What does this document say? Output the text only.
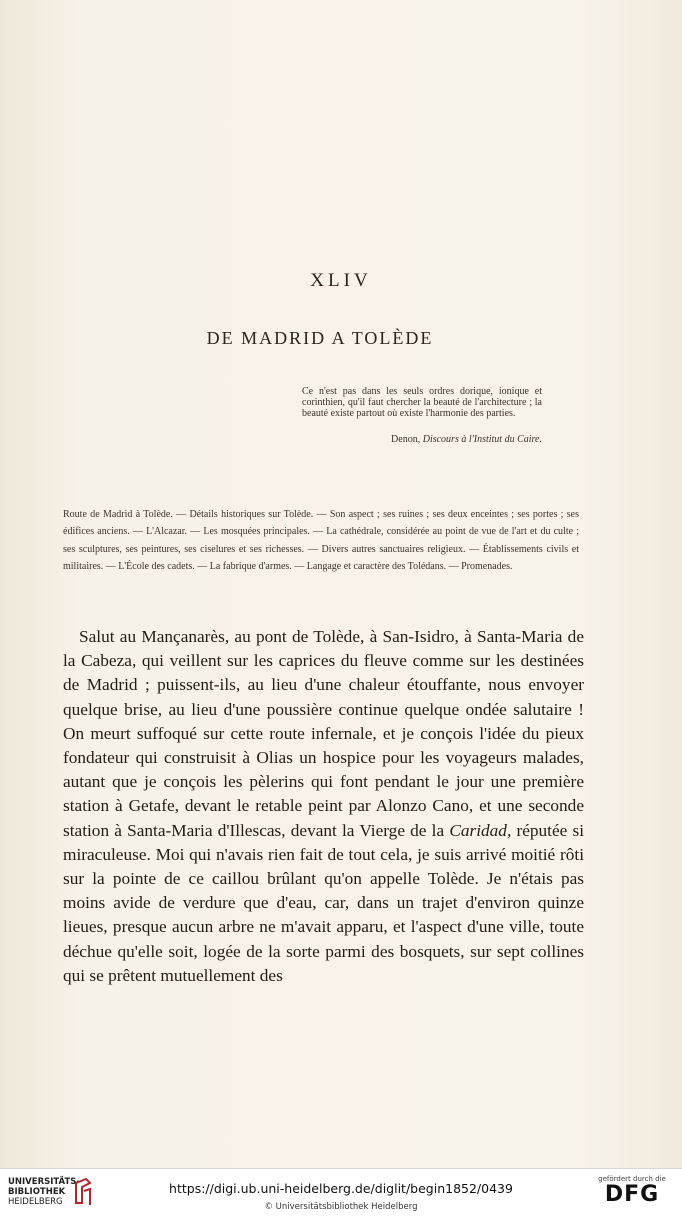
XLIV
DE MADRID A TOLÈDE
Ce n'est pas dans les seuls ordres dorique, ionique et corinthien, qu'il faut chercher la beauté de l'architecture ; la beauté existe partout où existe l'harmonie des parties.
Denon, Discours à l'Institut du Caire.
Route de Madrid à Tolède. — Détails historiques sur Tolède. — Son aspect ; ses ruines ; ses deux enceintes ; ses portes ; ses édifices anciens. — L'Alcazar. — Les mosquées principales. — La cathédrale, considérée au point de vue de l'art et du culte ; ses sculptures, ses peintures, ses ciselures et ses richesses. — Divers autres sanctuaires religieux. — Établissements civils et militaires. — L'École des cadets. — La fabrique d'armes. — Langage et caractère des Tolédans. — Promenades.
Salut au Mançanarès, au pont de Tolède, à San-Isidro, à Santa-Maria de la Cabeza, qui veillent sur les caprices du fleuve comme sur les destinées de Madrid ; puissent-ils, au lieu d'une chaleur étouffante, nous envoyer quelque brise, au lieu d'une poussière continue quelque ondée salutaire ! On meurt suffoqué sur cette route infernale, et je conçois l'idée du pieux fondateur qui construisit à Olias un hospice pour les voyageurs malades, autant que je conçois les pèlerins qui font pendant le jour une première station à Getafe, devant le retable peint par Alonzo Cano, et une seconde station à Santa-Maria d'Illescas, devant la Vierge de la Caridad, réputée si miraculeuse. Moi qui n'avais rien fait de tout cela, je suis arrivé moitié rôti sur la pointe de ce caillou brûlant qu'on appelle Tolède. Je n'étais pas moins avide de verdure que d'eau, car, dans un trajet d'environ quinze lieues, presque aucun arbre ne m'avait apparu, et l'aspect d'une ville, toute déchue qu'elle soit, logée de la sorte parmi des bosquets, sur sept collines qui se prêtent mutuellement des
UNIVERSITÄTS-
BIBLIOTHEK
HEIDELBERG
https://digi.ub.uni-heidelberg.de/diglit/begin1852/0439
© Universitätsbibliothek Heidelberg
gefördert durch die
DFG
